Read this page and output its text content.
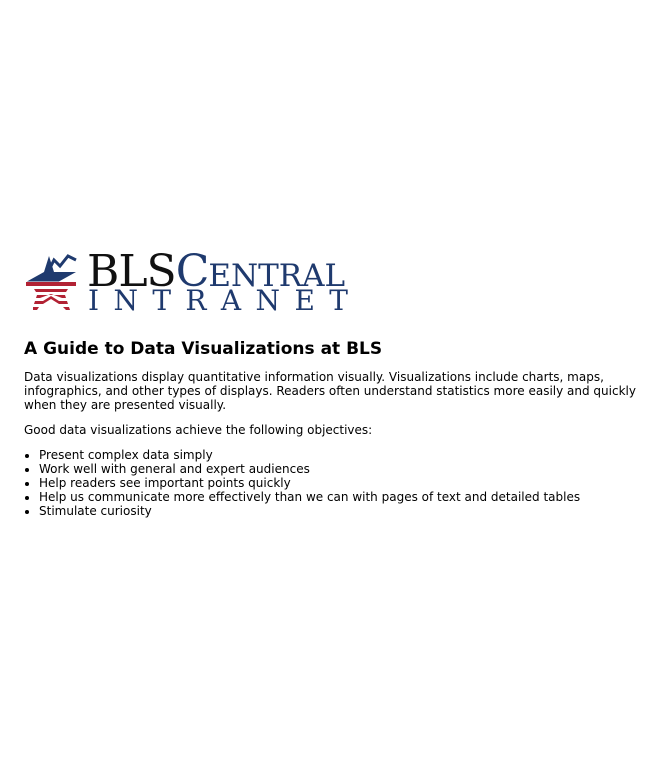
BLSCENTRAL
INTRANET
A Guide to Data Visualizations at BLS

Data visualizations display quantitative information visually. Visualizations include charts, maps, infographics, and other types of displays. Readers often understand statistics more easily and quickly when they are presented visually.

Good data visualizations achieve the following objectives:

• Present complex data simply
• Work well with general and expert audiences
• Help readers see important points quickly
• Help us communicate more effectively than we can with pages of text and detailed tables
• Stimulate curiosity
